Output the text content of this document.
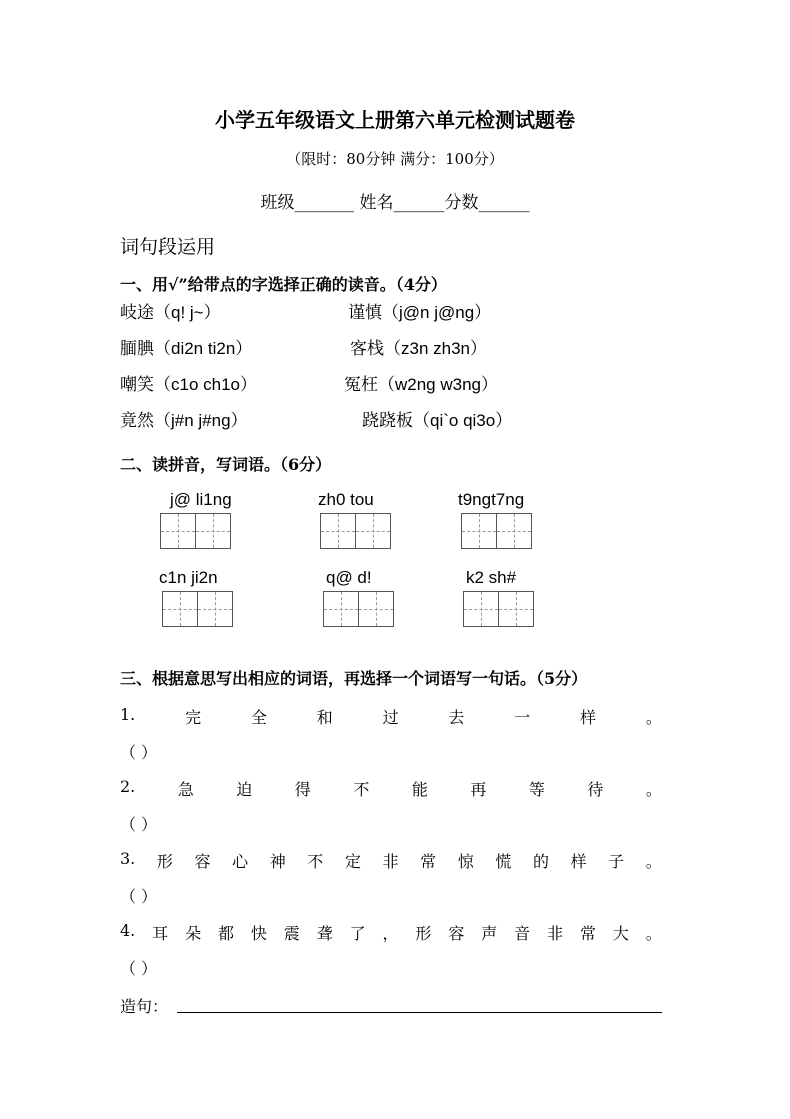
小学五年级语文上册第六单元检测试题卷
（限时：80分钟 满分：100分）
班级_______ 姓名______分数______
词句段运用
一、用√”给带点的字选择正确的读音。（4分）
岐途（q! j~）	谨慎（j@n j@ng）
腼腆（di2n ti2n）	客栈（z3n zh3n）
嘲笑（c1o ch1o）	冤枉（w2ng w3ng）
竟然（j#n j#ng）	跷跷板（qi`o qi3o）
二、读拼音，写词语。（6分）
j@ li1ng	zh0 tou	t9ngt7ng
c1n ji2n	q@ d!	k2 sh#
三、根据意思写出相应的词语，再选择一个词语写一句话。（5分）
1.	完	全	和	过	去	一	样	。
（ ）
2.	急	迫	得	不	能	再	等	待	。
（ ）
3. 形 容 心 神 不 定 非 常 惊 慌 的 样 子 。
（ ）
4. 耳 朵 都 快 震 聋 了 ， 形 容 声 音 非 常 大 。
（ ）
造句：
